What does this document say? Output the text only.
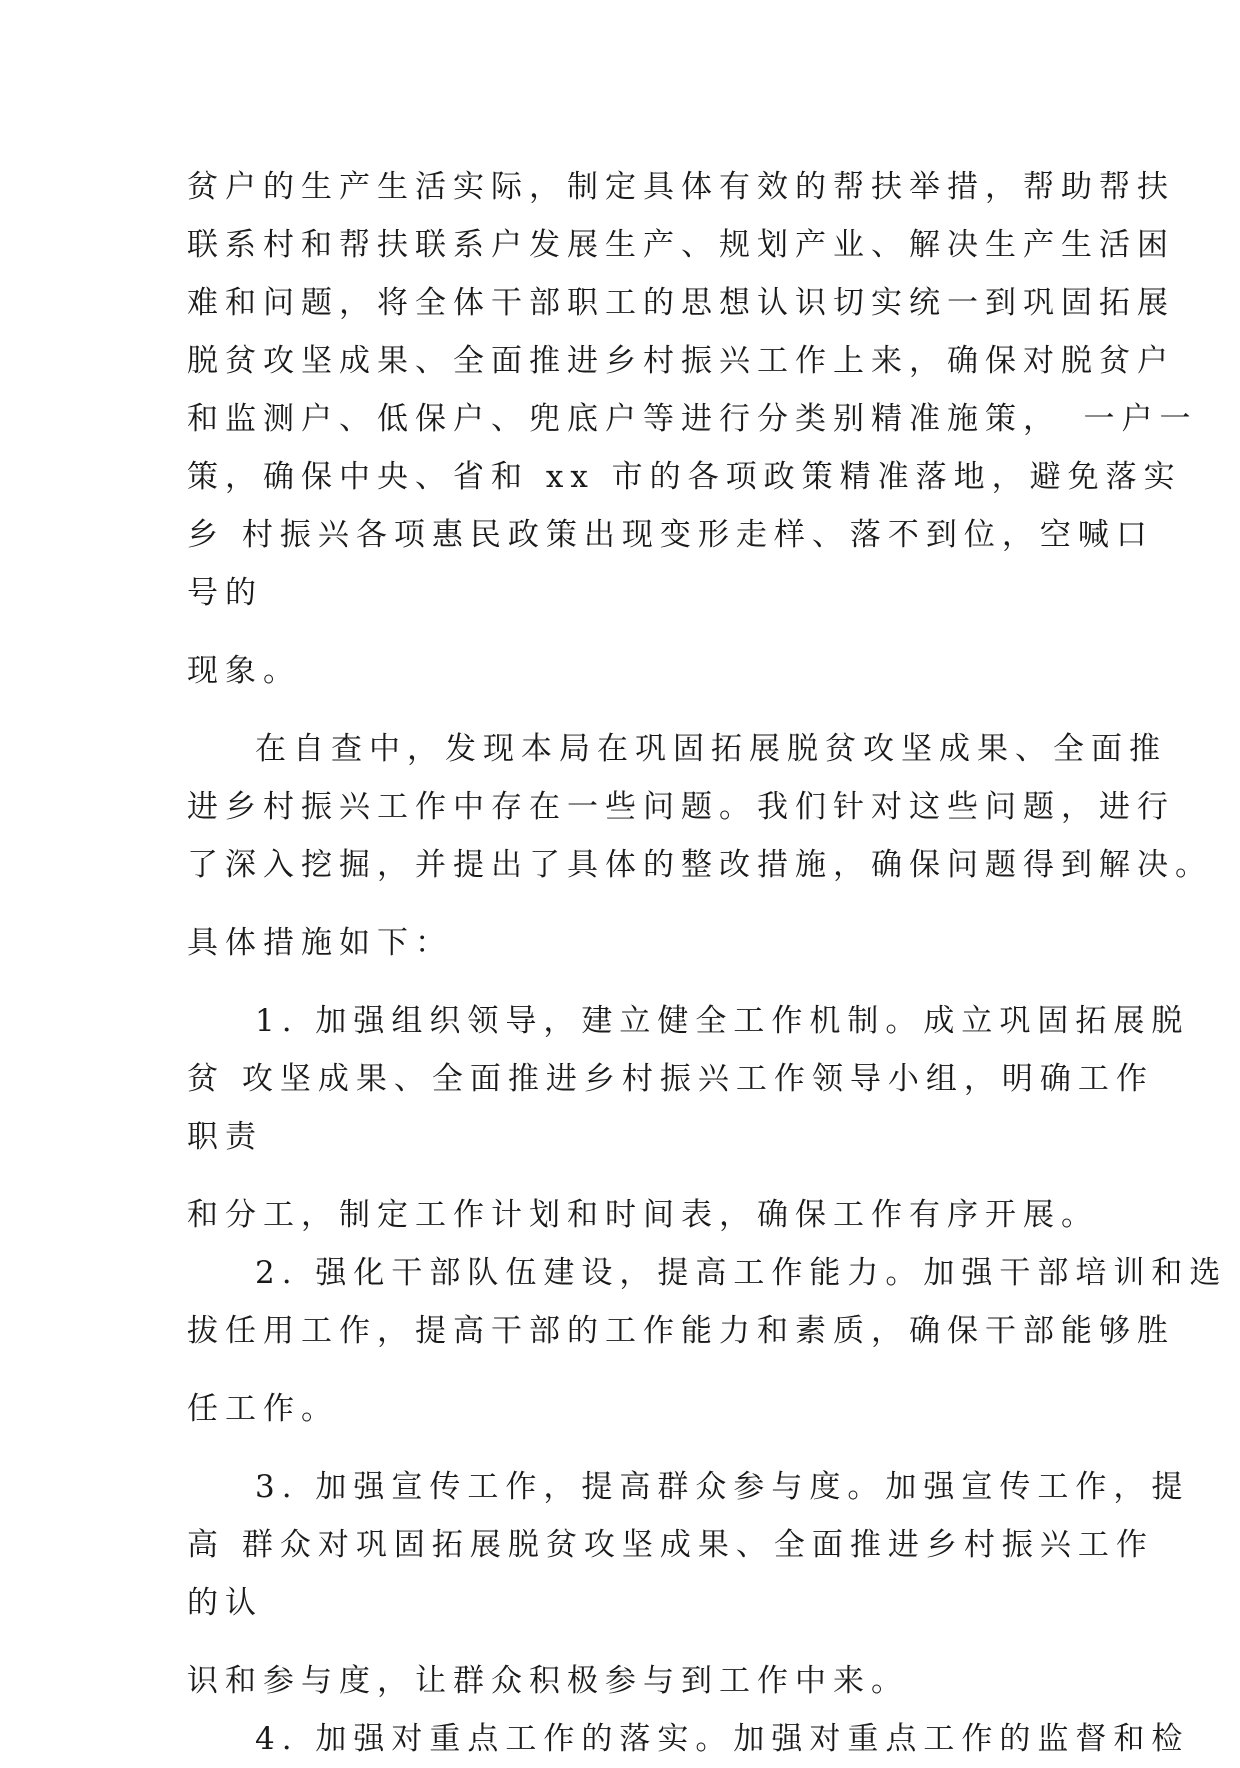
贫户的生产生活实际，制定具体有效的帮扶举措，帮助帮扶
联系村和帮扶联系户发展生产、规划产业、解决生产生活困
难和问题，将全体干部职工的思想认识切实统一到巩固拓展
脱贫攻坚成果、全面推进乡村振兴工作上来，确保对脱贫户
和监测户、低保户、兜底户等进行分类别精准施策，　一户一
策，确保中央、省和 xx 市的各项政策精准落地，避免落实
乡 村振兴各项惠民政策出现变形走样、落不到位，空喊口
号的
现象。
在自查中，发现本局在巩固拓展脱贫攻坚成果、全面推
进乡村振兴工作中存在一些问题。我们针对这些问题，进行
了深入挖掘，并提出了具体的整改措施，确保问题得到解决。
具体措施如下：
1. 加强组织领导，建立健全工作机制。成立巩固拓展脱
贫 攻坚成果、全面推进乡村振兴工作领导小组，明确工作
职责
和分工，制定工作计划和时间表，确保工作有序开展。
2. 强化干部队伍建设，提高工作能力。加强干部培训和选
拔任用工作，提高干部的工作能力和素质，确保干部能够胜
任工作。
3. 加强宣传工作，提高群众参与度。加强宣传工作，提
高 群众对巩固拓展脱贫攻坚成果、全面推进乡村振兴工作
的认
识和参与度，让群众积极参与到工作中来。
4. 加强对重点工作的落实。加强对重点工作的监督和检
